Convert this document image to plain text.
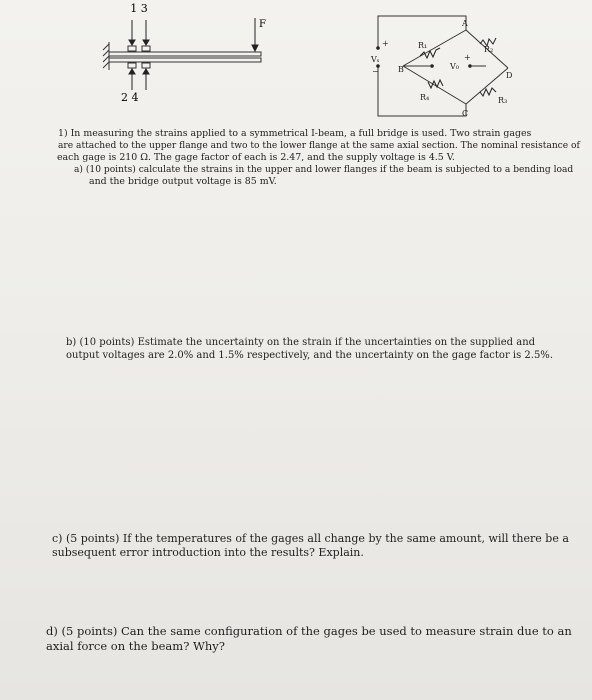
1 3
2 4
F	A
B
C
D
R₁	R₂
R₃
R₄
Vₛ
V₀
+
−
+
1) In measuring the strains applied to a symmetrical I-beam, a full bridge is used. Two strain gages
are attached to the upper flange and two to the lower flange at the same axial section. The nominal resistance of
each gage is 210 Ω. The gage factor of each is 2.47, and the supply voltage is 4.5 V.
a) (10 points) calculate the strains in the upper and lower flanges if the beam is subjected to a bending load
and the bridge output voltage is 85 mV.
b) (10 points) Estimate the uncertainty on the strain if the uncertainties on the supplied and output voltages are 2.0% and 1.5% respectively, and the uncertainty on the gage factor is 2.5%.
c) (5 points) If the temperatures of the gages all change by the same amount, will there be a subsequent error introduction into the results? Explain.
d) (5 points) Can the same configuration of the gages be used to measure strain due to an axial force on the beam? Why?
